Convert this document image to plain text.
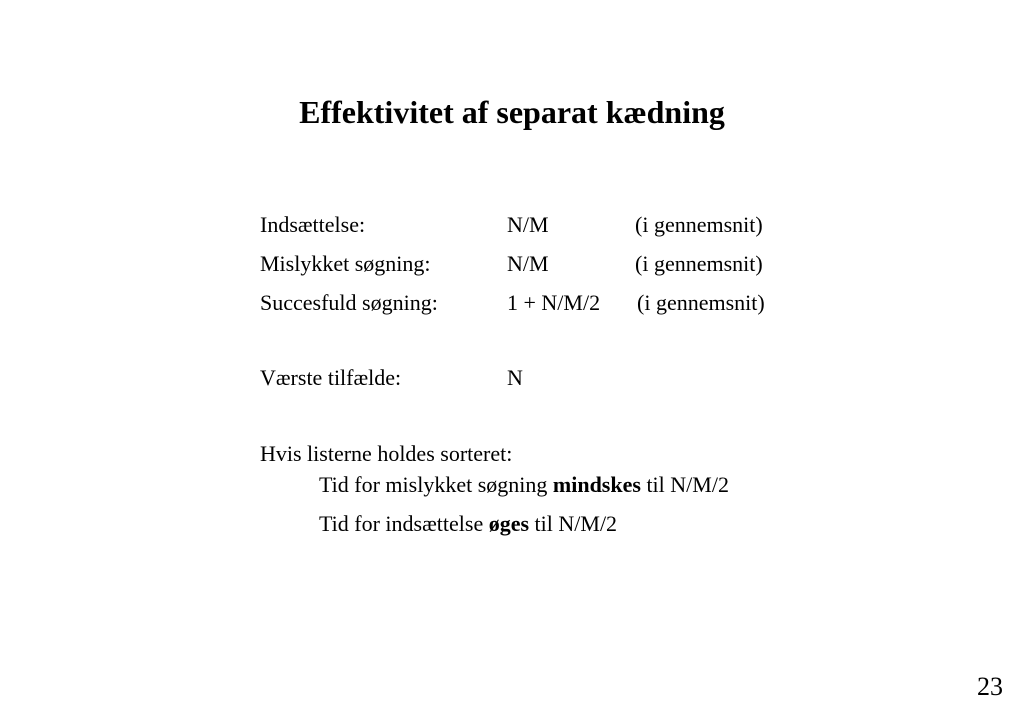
Effektivitet af separat kædning
Indsættelse:	N/M	(i gennemsnit)
Mislykket søgning:	N/M	(i gennemsnit)
Succesfuld søgning:	1 + N/M/2 (i gennemsnit)
Værste tilfælde:	N
Hvis listerne holdes sorteret:
Tid for mislykket søgning mindskes til N/M/2
Tid for indsættelse øges til N/M/2
23
